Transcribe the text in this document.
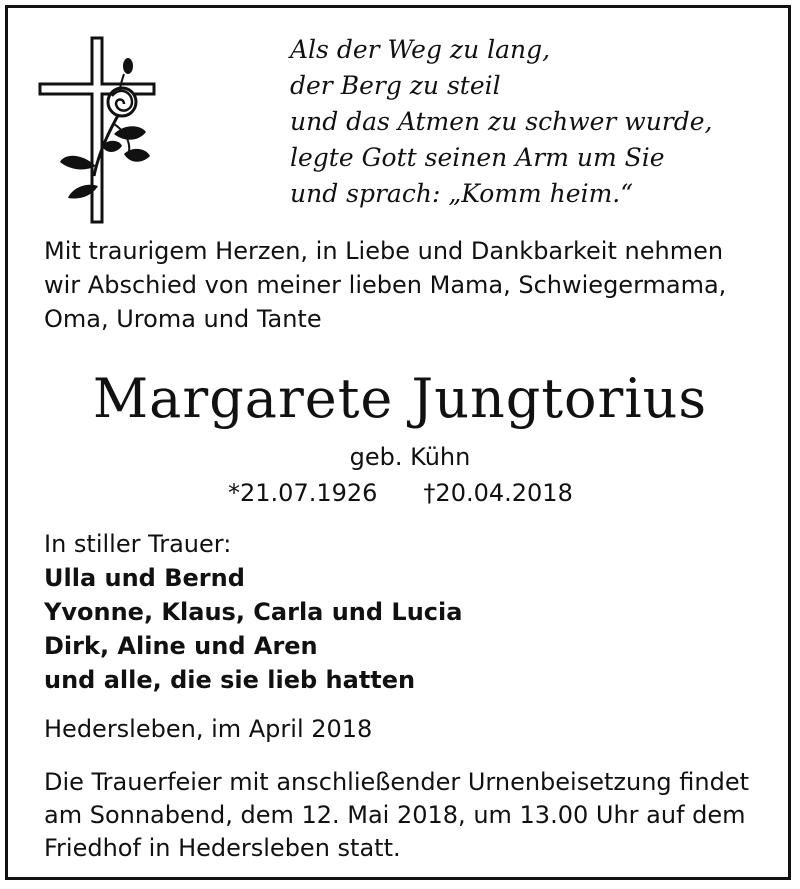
Als der Weg zu lang,
der Berg zu steil
und das Atmen zu schwer wurde,
legte Gott seinen Arm um Sie
und sprach: „Komm heim.“

Mit traurigem Herzen, in Liebe und Dankbarkeit nehmen
wir Abschied von meiner lieben Mama, Schwiegermama,
Oma, Uroma und Tante

Margarete Jungtorius
geb. Kühn
*21.07.1926 †20.04.2018
In stiller Trauer:
Ulla und Bernd
Yvonne, Klaus, Carla und Lucia
Dirk, Aline und Aren
und alle, die sie lieb hatten
Hedersleben, im April 2018

Die Trauerfeier mit anschließender Urnenbeisetzung findet
am Sonnabend, dem 12. Mai 2018, um 13.00 Uhr auf dem
Friedhof in Hedersleben statt.
